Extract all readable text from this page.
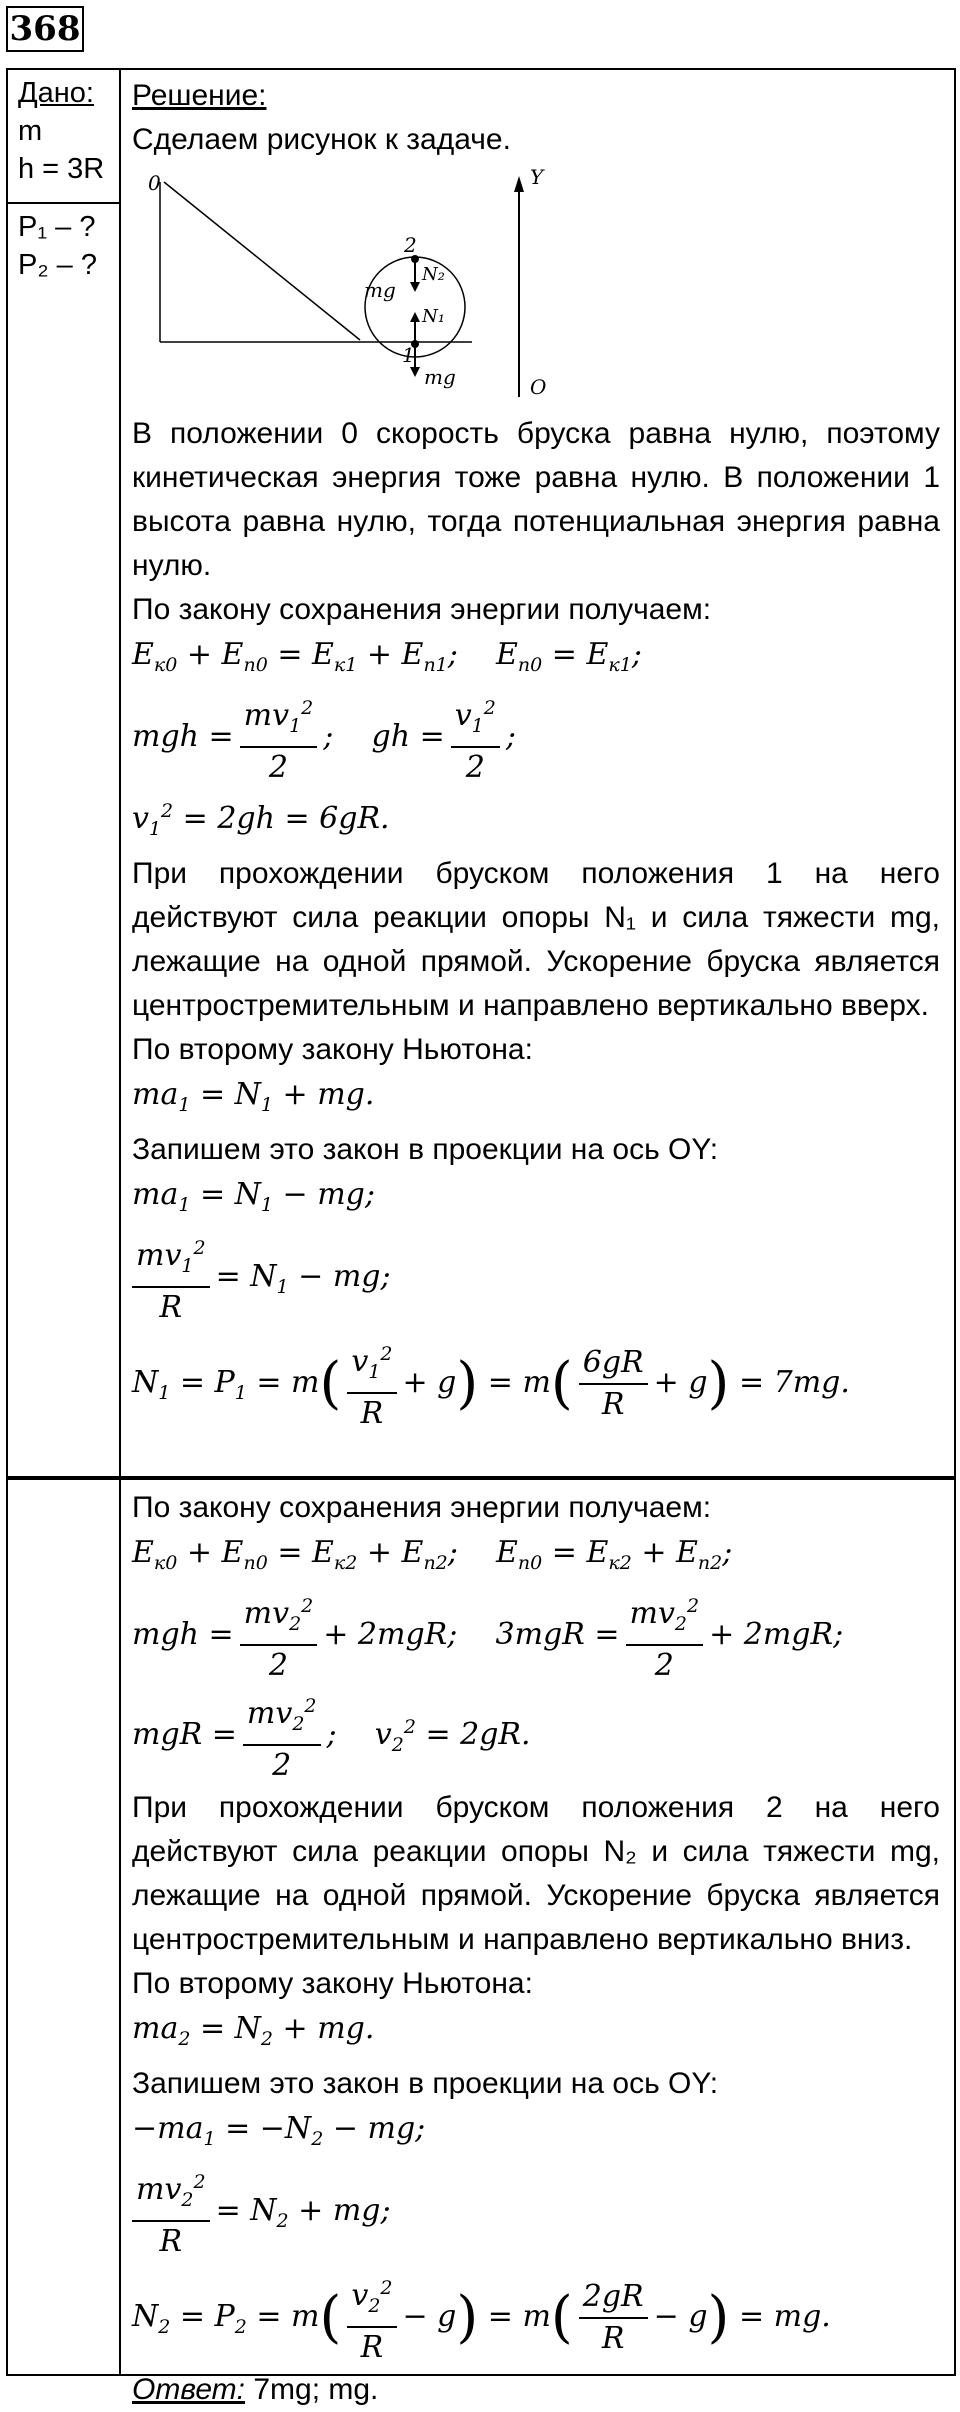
368
Дано:
m
h = 3R
P₁ – ?
P₂ – ?

Решение:

Сделаем рисунок к задаче.

0
1
2
N₂
N₁
mg
mg
Y
O

В положении 0 скорость бруска равна нулю, поэтому кинетическая энергия тоже равна нулю. В положении 1 высота равна нулю, тогда потенциальная энергия равна нулю.

По закону сохранения энергии получаем:

$E_{к0} + E_{п0} = E_{к1} + E_{п1}$;    $E_{п0} = E_{к1}$;
mgh = $\frac{mv_1^2}{2}$ ;    gh = $\frac{v_1^2}{2}$ ;
$v_1^2 = 2gh = 6gR$.

При прохождении бруском положения 1 на него действуют сила реакции опоры N₁ и сила тяжести mg, лежащие на одной прямой. Ускорение бруска является центростремительным и направлено вертикально вверх.

По второму закону Ньютона:

$ma_1 = N_1$ + mg.

Запишем это закон в проекции на ось OY:

$ma_1 = N_1$ − mg;
$\frac{mv_1^2}{R} = N_1$ − mg;
$N_1 = P_1 = m( \frac{v_1^2}{R} + g) = m( \frac{6gR}{R} + g) = 7mg$.

По закону сохранения энергии получаем:

$E_{к0} + E_{п0} = E_{к2} + E_{п2}$;    $E_{п0} = E_{к2} + E_{п2}$;
mgh = $\frac{mv_2^2}{2} + 2mgR$;    $3mgR = \frac{mv_2^2}{2} + 2mgR$;
mgR = $\frac{mv_2^2}{2}$ ;    $v_2^2 = 2gR$.

При прохождении бруском положения 2 на него действуют сила реакции опоры N₂ и сила тяжести mg, лежащие на одной прямой. Ускорение бруска является центростремительным и направлено вертикально вниз.

По второму закону Ньютона:

$ma_2 = N_2$ + mg.

Запишем это закон в проекции на ось OY:

$-ma_1 = -N_2$ − mg;
$\frac{mv_2^2}{R} = N_2$ + mg;
$N_2 = P_2 = m( \frac{v_2^2}{R} - g) = m( \frac{2gR}{R} - g)$ = mg.

Ответ: 7mg; mg.
